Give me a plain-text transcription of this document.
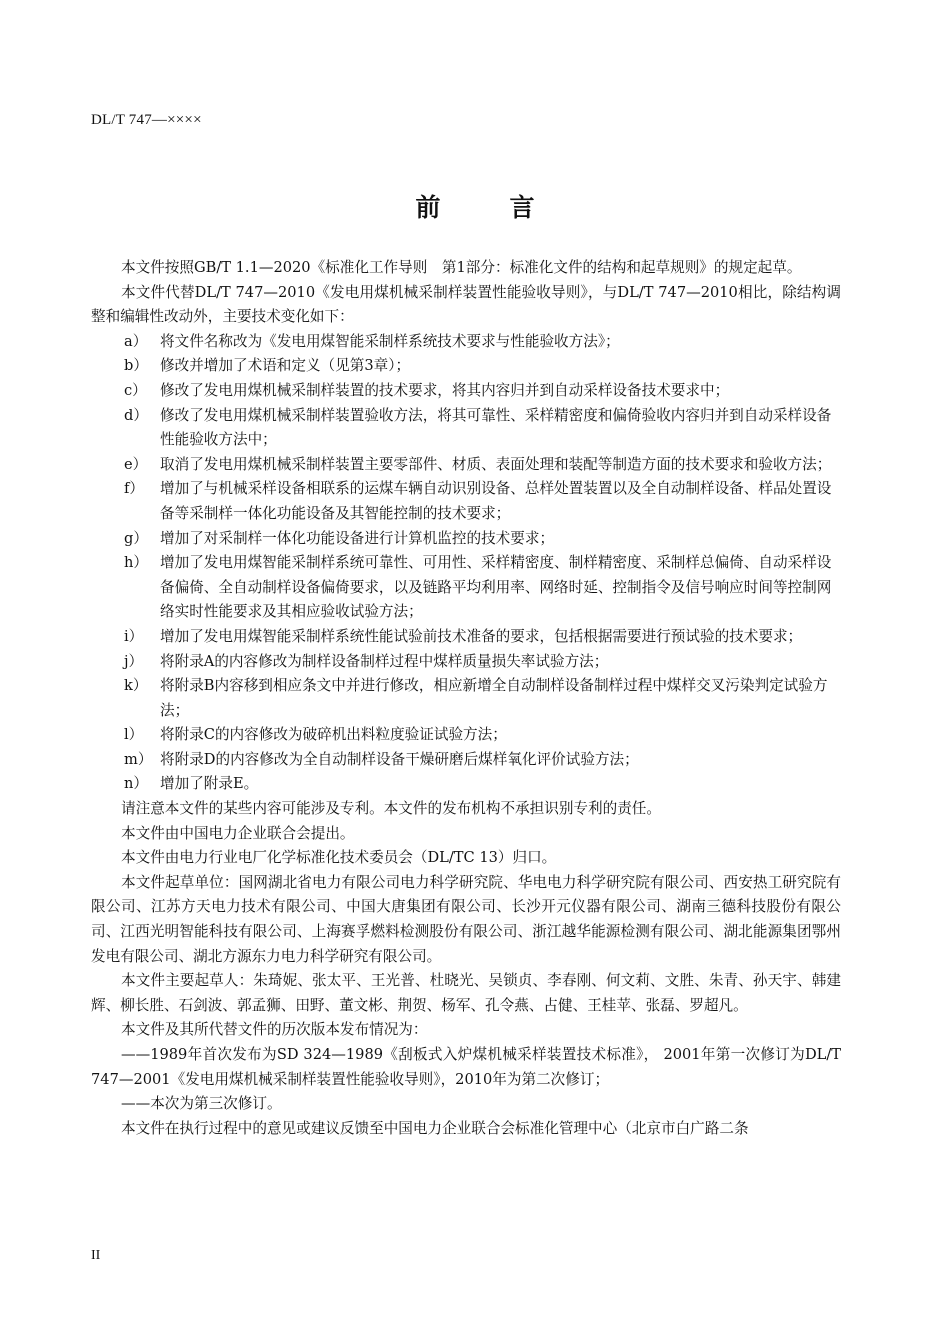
DL/T 747—××××
前　言

本文件按照GB/T 1.1—2020《标准化工作导则　第1部分：标准化文件的结构和起草规则》的规定起草。

本文件代替DL/T 747—2010《发电用煤机械采制样装置性能验收导则》，与DL/T 747—2010相比，除结构调整和编辑性改动外，主要技术变化如下：

a） 将文件名称改为《发电用煤智能采制样系统技术要求与性能验收方法》；
b） 修改并增加了术语和定义（见第3章）；
c） 修改了发电用煤机械采制样装置的技术要求，将其内容归并到自动采样设备技术要求中；
d） 修改了发电用煤机械采制样装置验收方法，将其可靠性、采样精密度和偏倚验收内容归并到自动采样设备性能验收方法中；
e） 取消了发电用煤机械采制样装置主要零部件、材质、表面处理和装配等制造方面的技术要求和验收方法；
f） 增加了与机械采样设备相联系的运煤车辆自动识别设备、总样处置装置以及全自动制样设备、样品处置设备等采制样一体化功能设备及其智能控制的技术要求；
g） 增加了对采制样一体化功能设备进行计算机监控的技术要求；
h） 增加了发电用煤智能采制样系统可靠性、可用性、采样精密度、制样精密度、采制样总偏倚、自动采样设备偏倚、全自动制样设备偏倚要求，以及链路平均利用率、网络时延、控制指令及信号响应时间等控制网络实时性能要求及其相应验收试验方法；
i） 增加了发电用煤智能采制样系统性能试验前技术准备的要求，包括根据需要进行预试验的技术要求；
j） 将附录A的内容修改为制样设备制样过程中煤样质量损失率试验方法；
k） 将附录B内容移到相应条文中并进行修改，相应新增全自动制样设备制样过程中煤样交叉污染判定试验方法；
l） 将附录C的内容修改为破碎机出料粒度验证试验方法；
m） 将附录D的内容修改为全自动制样设备干燥研磨后煤样氧化评价试验方法；
n） 增加了附录E。

请注意本文件的某些内容可能涉及专利。本文件的发布机构不承担识别专利的责任。

本文件由中国电力企业联合会提出。

本文件由电力行业电厂化学标准化技术委员会（DL/TC 13）归口。

本文件起草单位：国网湖北省电力有限公司电力科学研究院、华电电力科学研究院有限公司、西安热工研究院有限公司、江苏方天电力技术有限公司、中国大唐集团有限公司、长沙开元仪器有限公司、湖南三德科技股份有限公司、江西光明智能科技有限公司、上海赛孚燃料检测股份有限公司、浙江越华能源检测有限公司、湖北能源集团鄂州发电有限公司、湖北方源东力电力科学研究有限公司。

本文件主要起草人：朱琦妮、张太平、王光普、杜晓光、吴锁贞、李春刚、何文莉、文胜、朱青、孙天宇、韩建辉、柳长胜、石剑波、郭孟狮、田野、董文彬、荆贺、杨军、孔令燕、占健、王桂苹、张磊、罗超凡。

本文件及其所代替文件的历次版本发布情况为：

——1989年首次发布为SD 324—1989《刮板式入炉煤机械采样装置技术标准》， 2001年第一次修订为DL/T 747—2001《发电用煤机械采制样装置性能验收导则》，2010年为第二次修订；

——本次为第三次修订。

本文件在执行过程中的意见或建议反馈至中国电力企业联合会标准化管理中心（北京市白广路二条

II
